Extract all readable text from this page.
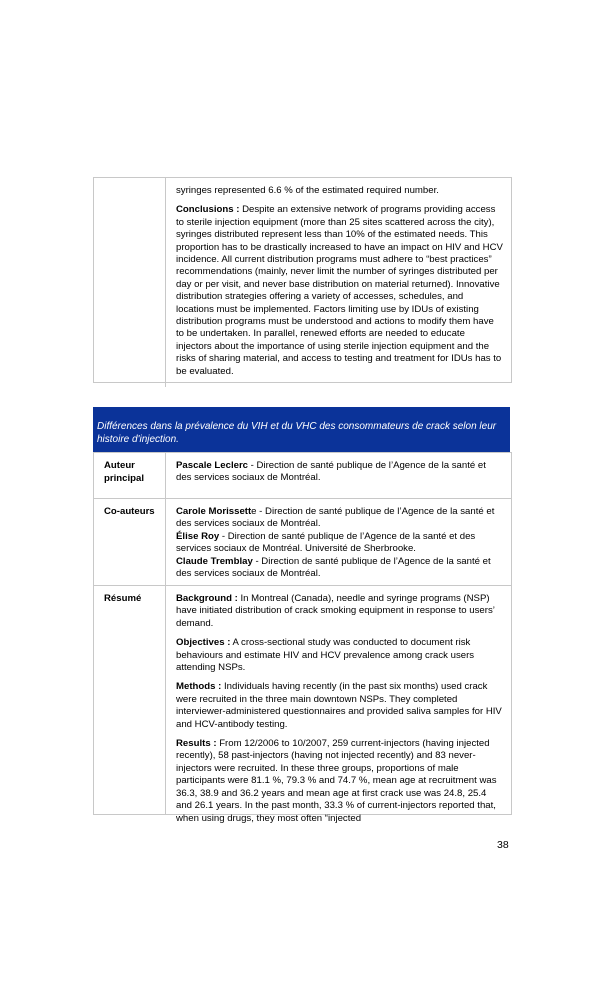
syringes represented 6.6 % of the estimated required number.

Conclusions : Despite an extensive network of programs providing access to sterile injection equipment (more than 25 sites scattered across the city), syringes distributed represent less than 10% of the estimated needs. This proportion has to be drastically increased to have an impact on HIV and HCV incidence. All current distribution programs must adhere to “best practices” recommendations (mainly, never limit the number of syringes distributed per day or per visit, and never base distribution on material returned). Innovative distribution strategies offering a variety of accesses, schedules, and locations must be implemented. Factors limiting use by IDUs of existing distribution programs must be understood and actions to modify them have to be undertaken. In parallel, renewed efforts are needed to educate injectors about the importance of using sterile injection equipment and the risks of sharing material, and access to testing and treatment for IDUs has to be evaluated.

Différences dans la prévalence du VIH et du VHC des consommateurs de crack selon leur histoire d'injection.
Auteur principal
Pascale Leclerc - Direction de santé publique de l’Agence de la santé et des services sociaux de Montréal.
Co-auteurs	Carole Morissette - Direction de santé publique de l’Agence de la santé et des services sociaux de Montréal.
Élise Roy - Direction de santé publique de l’Agence de la santé et des services sociaux de Montréal. Université de Sherbrooke.
Claude Tremblay - Direction de santé publique de l’Agence de la santé et des services sociaux de Montréal.
Résumé	Background : In Montreal (Canada), needle and syringe programs (NSP) have initiated distribution of crack smoking equipment in response to users’ demand.

Objectives : A cross-sectional study was conducted to document risk behaviours and estimate HIV and HCV prevalence among crack users attending NSPs.

Methods : Individuals having recently (in the past six months) used crack were recruited in the three main downtown NSPs. They completed interviewer-administered questionnaires and provided saliva samples for HIV and HCV-antibody testing.

Results : From 12/2006 to 10/2007, 259 current-injectors (having injected recently), 58 past-injectors (having not injected recently) and 83 never-injectors were recruited. In these three groups, proportions of male participants were 81.1 %, 79.3 % and 74.7 %, mean age at recruitment was 36.3, 38.9 and 36.2 years and mean age at first crack use was 24.8, 25.4 and 26.1 years. In the past month, 33.3 % of current-injectors reported that, when using drugs, they most often “injected

38
